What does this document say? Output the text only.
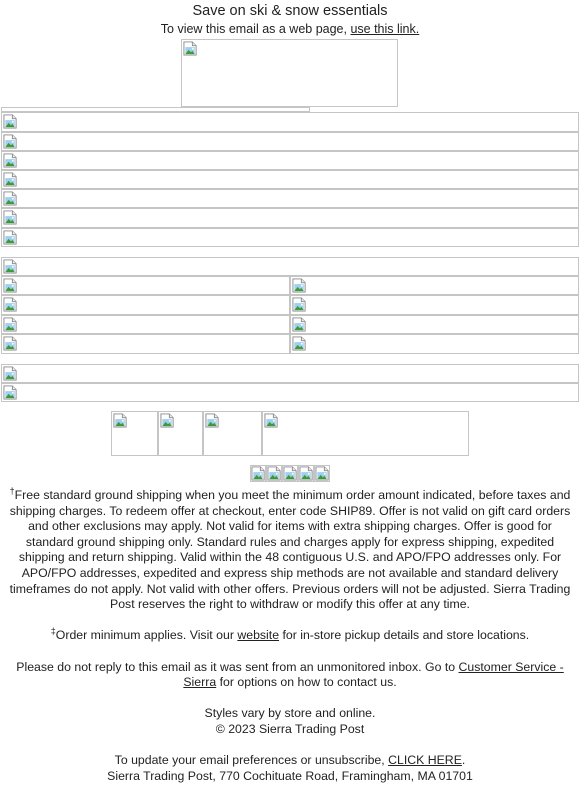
Save on ski & snow essentials
To view this email as a web page, use this link.

†Free standard ground shipping when you meet the minimum order amount indicated, before taxes and shipping charges. To redeem offer at checkout, enter code SHIP89. Offer is not valid on gift card orders and other exclusions may apply. Not valid for items with extra shipping charges. Offer is good for standard ground shipping only. Standard rules and charges apply for express shipping, expedited shipping and return shipping. Valid within the 48 contiguous U.S. and APO/FPO addresses only. For APO/FPO addresses, expedited and express ship methods are not available and standard delivery timeframes do not apply. Not valid with other offers. Previous orders will not be adjusted. Sierra Trading Post reserves the right to withdraw or modify this offer at any time.

‡Order minimum applies. Visit our website for in-store pickup details and store locations.

Please do not reply to this email as it was sent from an unmonitored inbox. Go to Customer Service - Sierra for options on how to contact us.

Styles vary by store and online.
© 2023 Sierra Trading Post

To update your email preferences or unsubscribe, CLICK HERE.
Sierra Trading Post, 770 Cochituate Road, Framingham, MA 01701
